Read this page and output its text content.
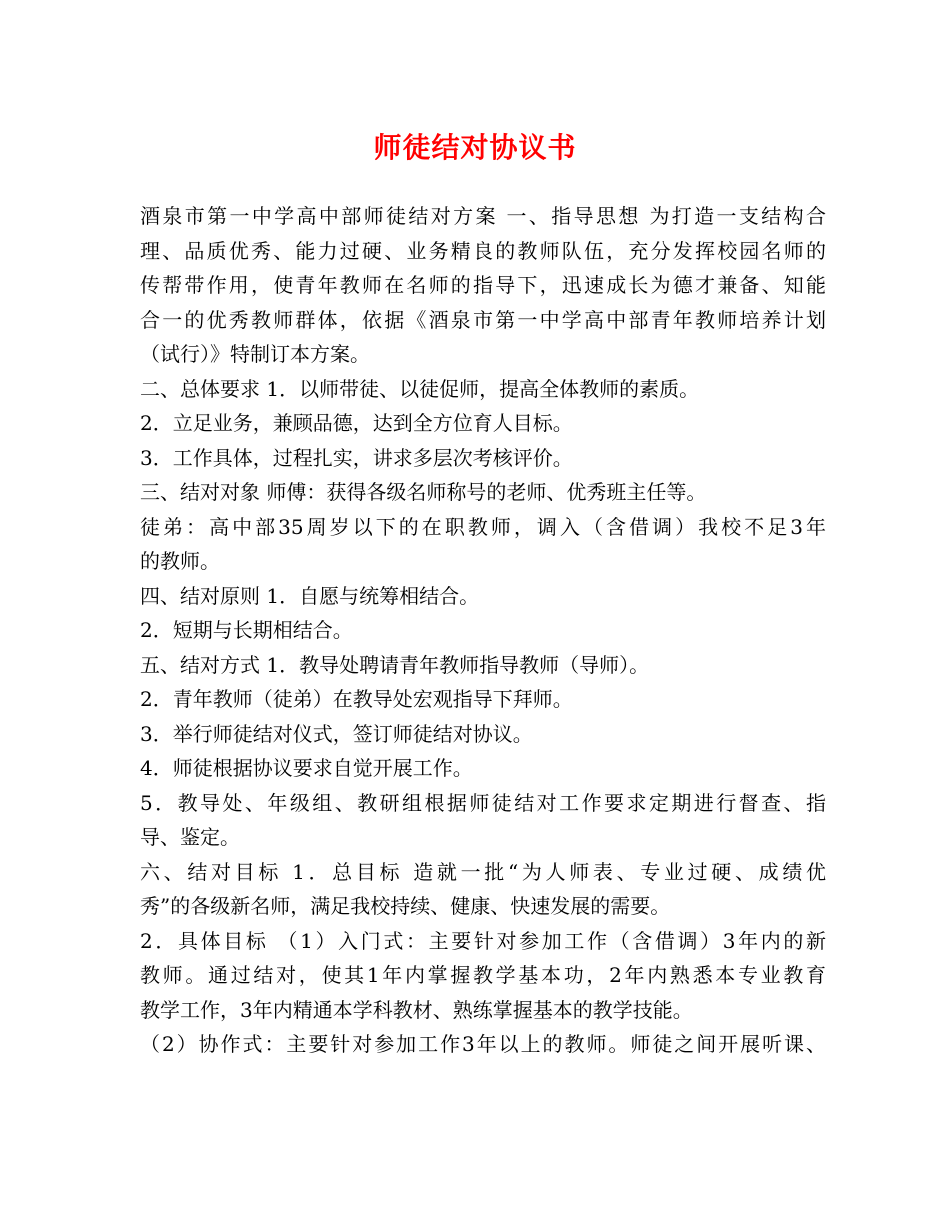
师徒结对协议书
酒泉市第一中学高中部师徒结对方案 一、指导思想 为打造一支结构合
理、品质优秀、能力过硬、业务精良的教师队伍，充分发挥校园名师的
传帮带作用，使青年教师在名师的指导下，迅速成长为德才兼备、知能
合一的优秀教师群体，依据《酒泉市第一中学高中部青年教师培养计划
（试行）》特制订本方案。
二、总体要求 1．以师带徒、以徒促师，提高全体教师的素质。
2．立足业务，兼顾品德，达到全方位育人目标。
3．工作具体，过程扎实，讲求多层次考核评价。
三、结对对象 师傅：获得各级名师称号的老师、优秀班主任等。
徒弟：高中部35周岁以下的在职教师，调入（含借调）我校不足3年
的教师。
四、结对原则 1．自愿与统筹相结合。
2．短期与长期相结合。
五、结对方式 1．教导处聘请青年教师指导教师（导师）。
2．青年教师（徒弟）在教导处宏观指导下拜师。
3．举行师徒结对仪式，签订师徒结对协议。
4．师徒根据协议要求自觉开展工作。
5．教导处、年级组、教研组根据师徒结对工作要求定期进行督查、指
导、鉴定。
六、结对目标 1．总目标 造就一批“为人师表、专业过硬、成绩优
秀”的各级新名师，满足我校持续、健康、快速发展的需要。
2．具体目标 （1）入门式：主要针对参加工作（含借调）3年内的新
教师。通过结对，使其1年内掌握教学基本功，2年内熟悉本专业教育
教学工作，3年内精通本学科教材、熟练掌握基本的教学技能。
（2）协作式：主要针对参加工作3年以上的教师。师徒之间开展听课、
